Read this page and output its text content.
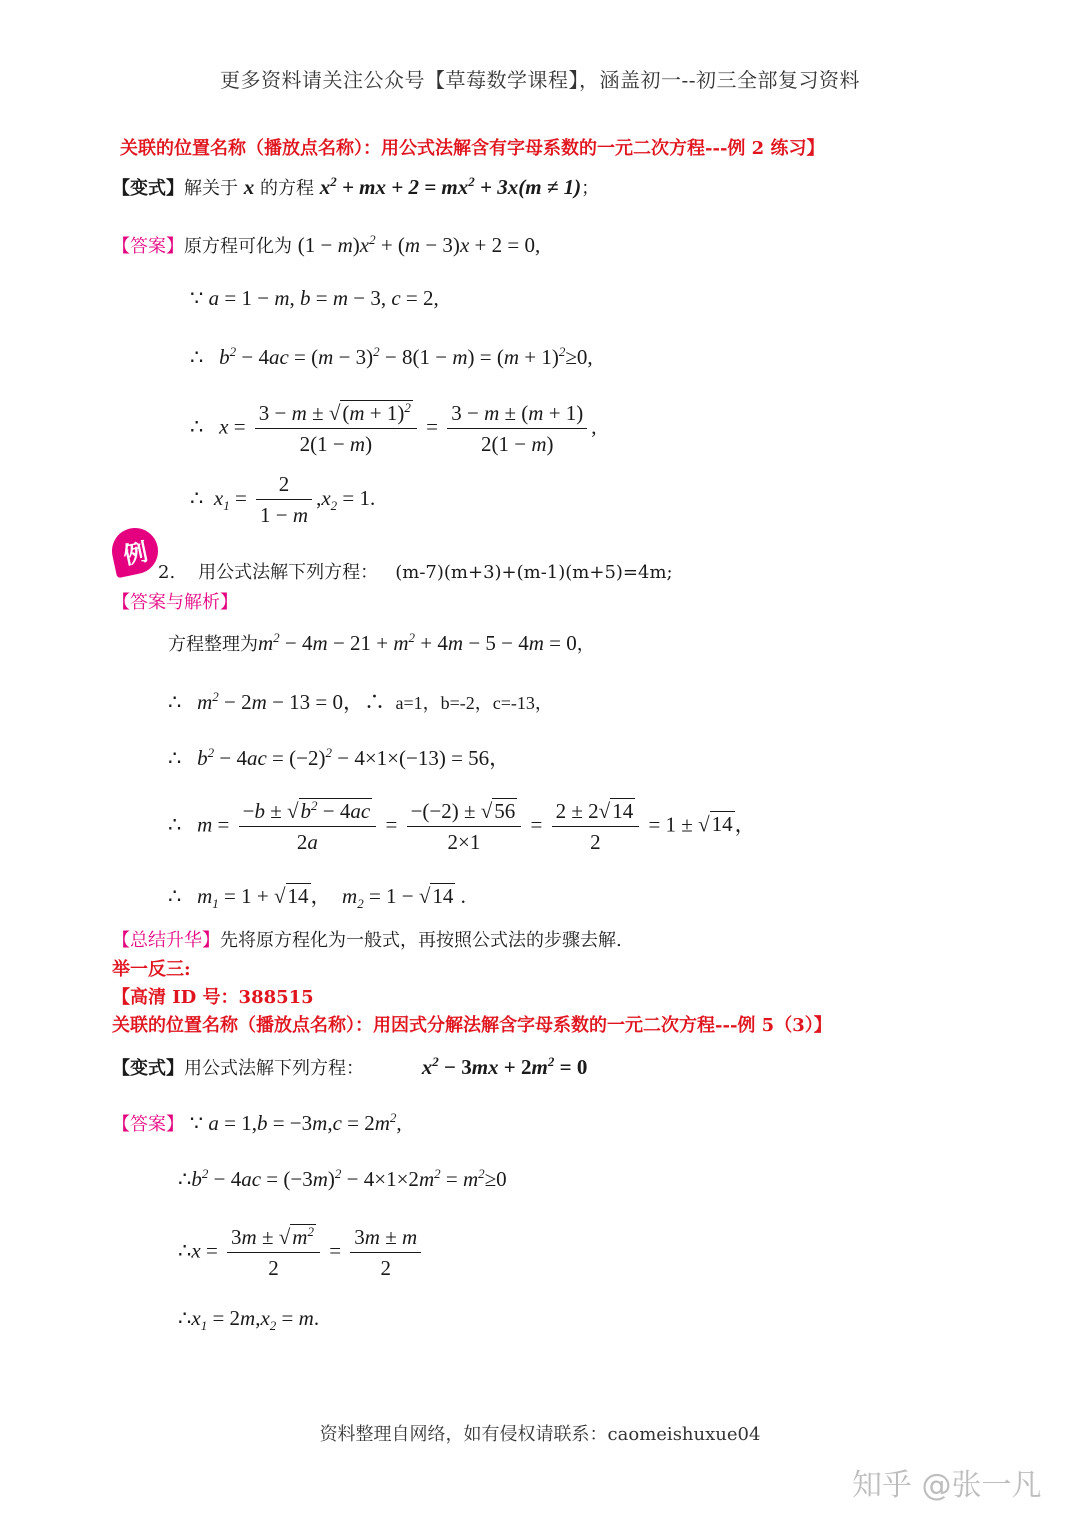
更多资料请关注公众号【草莓数学课程】，涵盖初一--初三全部复习资料
关联的位置名称（播放点名称）：用公式法解含有字母系数的一元二次方程---例 2 练习】
【变式】解关于 x 的方程 $x^2$ + mx + $2 = mx^2 + 3x(m \ne 1)$；
【答案】原方程可化为 $(1 - m)x^2 + (m - 3)x + 2 = 0$,
∵ a = 1 − m, b = m − 3, c = 2,
∴   $b^2 - 4ac = (m - 3)^2 - 8(1 - m) = (m + 1)^2\ge 0$,
∴   $x = \frac{3 - m \pm √(m + 1)^2}{2(1 - m)} = \frac{3 - m \pm (m + 1)}{2(1 - m)}$ ,
∴  $x_1 = \frac{2}{1 - m} ,x_2 = 1$.
例
2. 用公式法解下列方程： (m-7)(m+3)+(m-1)(m+5)=4m;
【答案与解析】
方程整理为$m^2 - 4m - 21 + m^2 + 4m - 5 - 4m = 0$，
∴   $m^2 - 2m - 13 = 0$，∴ a=1，b=-2，c=-13，
∴   $b^2 - 4ac = (-2)^2 - 4\times 1\times(-13) = 56$，
∴   $m = \frac{-b \pm √b^2 - 4ac}{2a} = \frac{-(-2) \pm √56}{2\times 1} = \frac{2 \pm 2√14}{2} = 1 \pm √14$，
∴   $m_1 = 1 + √14$，  $m_2 = 1 - √14$ .
【总结升华】先将原方程化为一般式，再按照公式法的步骤去解.
举一反三:
【高清 ID 号：388515
关联的位置名称（播放点名称）：用因式分解法解含字母系数的一元二次方程---例 5（3）】
【变式】用公式法解下列方程：	$x^2 - 3mx + 2m^2 = 0$
【答案】 ∵ $a = 1,b = -3m,c = 2m^2$,
$\therefore b^2 - 4ac = (-3m)^2 - 4\times 1\times 2m^2 = m^2\ge 0$
∴x = $\frac{3m \pm √m^2}{2} = \frac{3m \pm m}{2}$
$\therefore x_1 = 2m,x_2 = m$.
资料整理自网络，如有侵权请联系：caomeishuxue04
知乎 @张一凡
